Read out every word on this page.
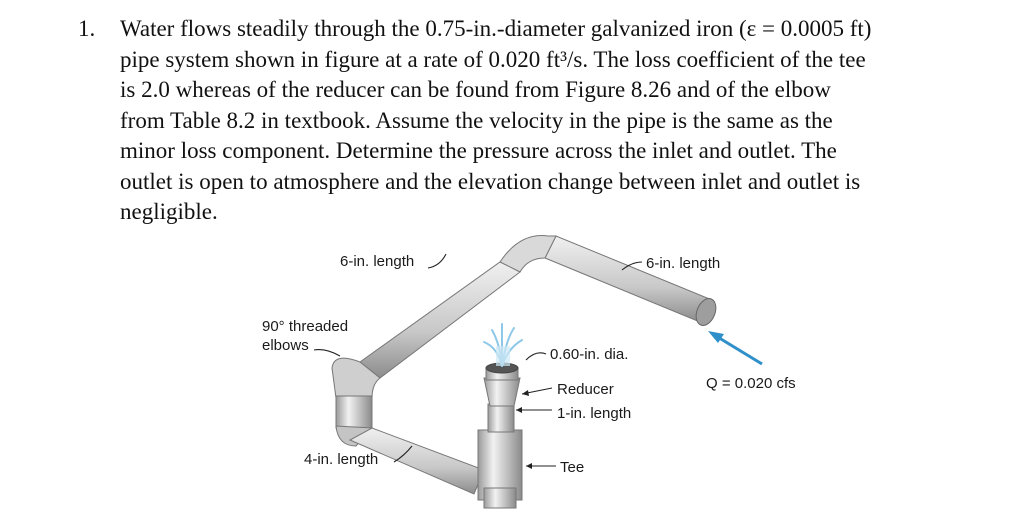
1. Water flows steadily through the 0.75-in.-diameter galvanized iron (ε = 0.0005 ft)
pipe system shown in figure at a rate of 0.020 ft³/s. The loss coefficient of the tee
is 2.0 whereas of the reducer can be found from Figure 8.26 and of the elbow
from Table 8.2 in textbook. Assume the velocity in the pipe is the same as the
minor loss component. Determine the pressure across the inlet and outlet. The
outlet is open to atmosphere and the elevation change between inlet and outlet is
negligible.
6-in. length	6-in. length
90° threaded
elbows
0.60-in. dia.
Reducer
1-in. length
Q = 0.020 cfs
4-in. length	Tee
